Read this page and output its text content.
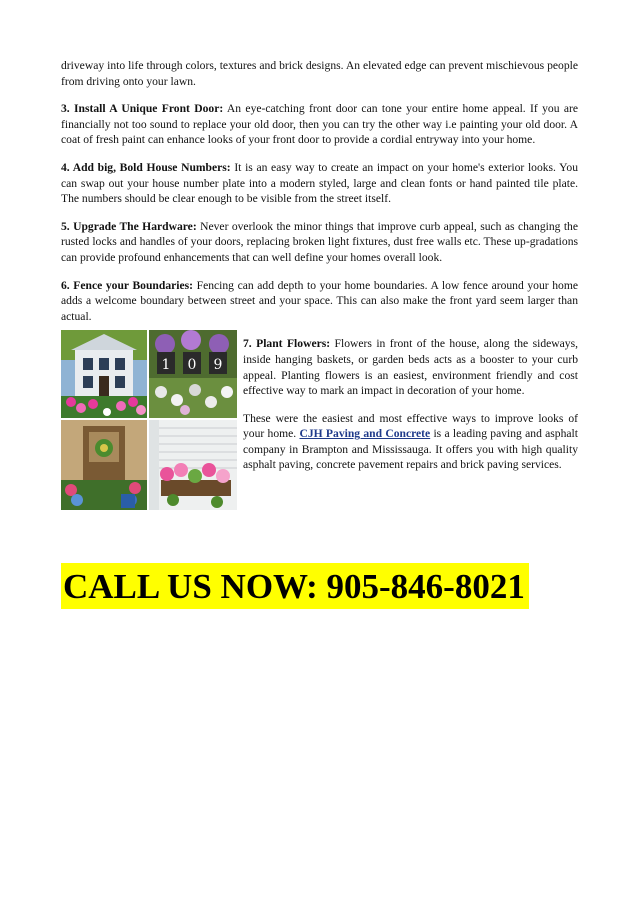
driveway into life through colors, textures and brick designs. An elevated edge can prevent mischievous people from driving onto your lawn.

3. Install A Unique Front Door: An eye-catching front door can tone your entire home appeal. If you are financially not too sound to replace your old door, then you can try the other way i.e painting your old door. A coat of fresh paint can enhance looks of your front door to provide a cordial entryway into your home.

4. Add big, Bold House Numbers: It is an easy way to create an impact on your home's exterior looks. You can swap out your house number plate into a modern styled, large and clean fonts or hand painted tile plate. The numbers should be clear enough to be visible from the street itself.

5. Upgrade The Hardware: Never overlook the minor things that improve curb appeal, such as changing the rusted locks and handles of your doors, replacing broken light fixtures, dust free walls etc. These up-gradations can provide profound enhancements that can well define your homes overall look.

6. Fence your Boundaries: Fencing can add depth to your home boundaries. A low fence around your home adds a welcome boundary between street and your space. This can also make the front yard seem larger than actual.

1 0 9

7. Plant Flowers: Flowers in front of the house, along the sideways, inside hanging baskets, or garden beds acts as a booster to your curb appeal. Planting flowers is an easiest, environment friendly and cost effective way to mark an impact in decoration of your home.

These were the easiest and most effective ways to improve looks of your home. CJH Paving and Concrete is a leading paving and asphalt company in Brampton and Mississauga. It offers you with high quality asphalt paving, concrete pavement repairs and brick paving services.

CALL US NOW: 905-846-8021
